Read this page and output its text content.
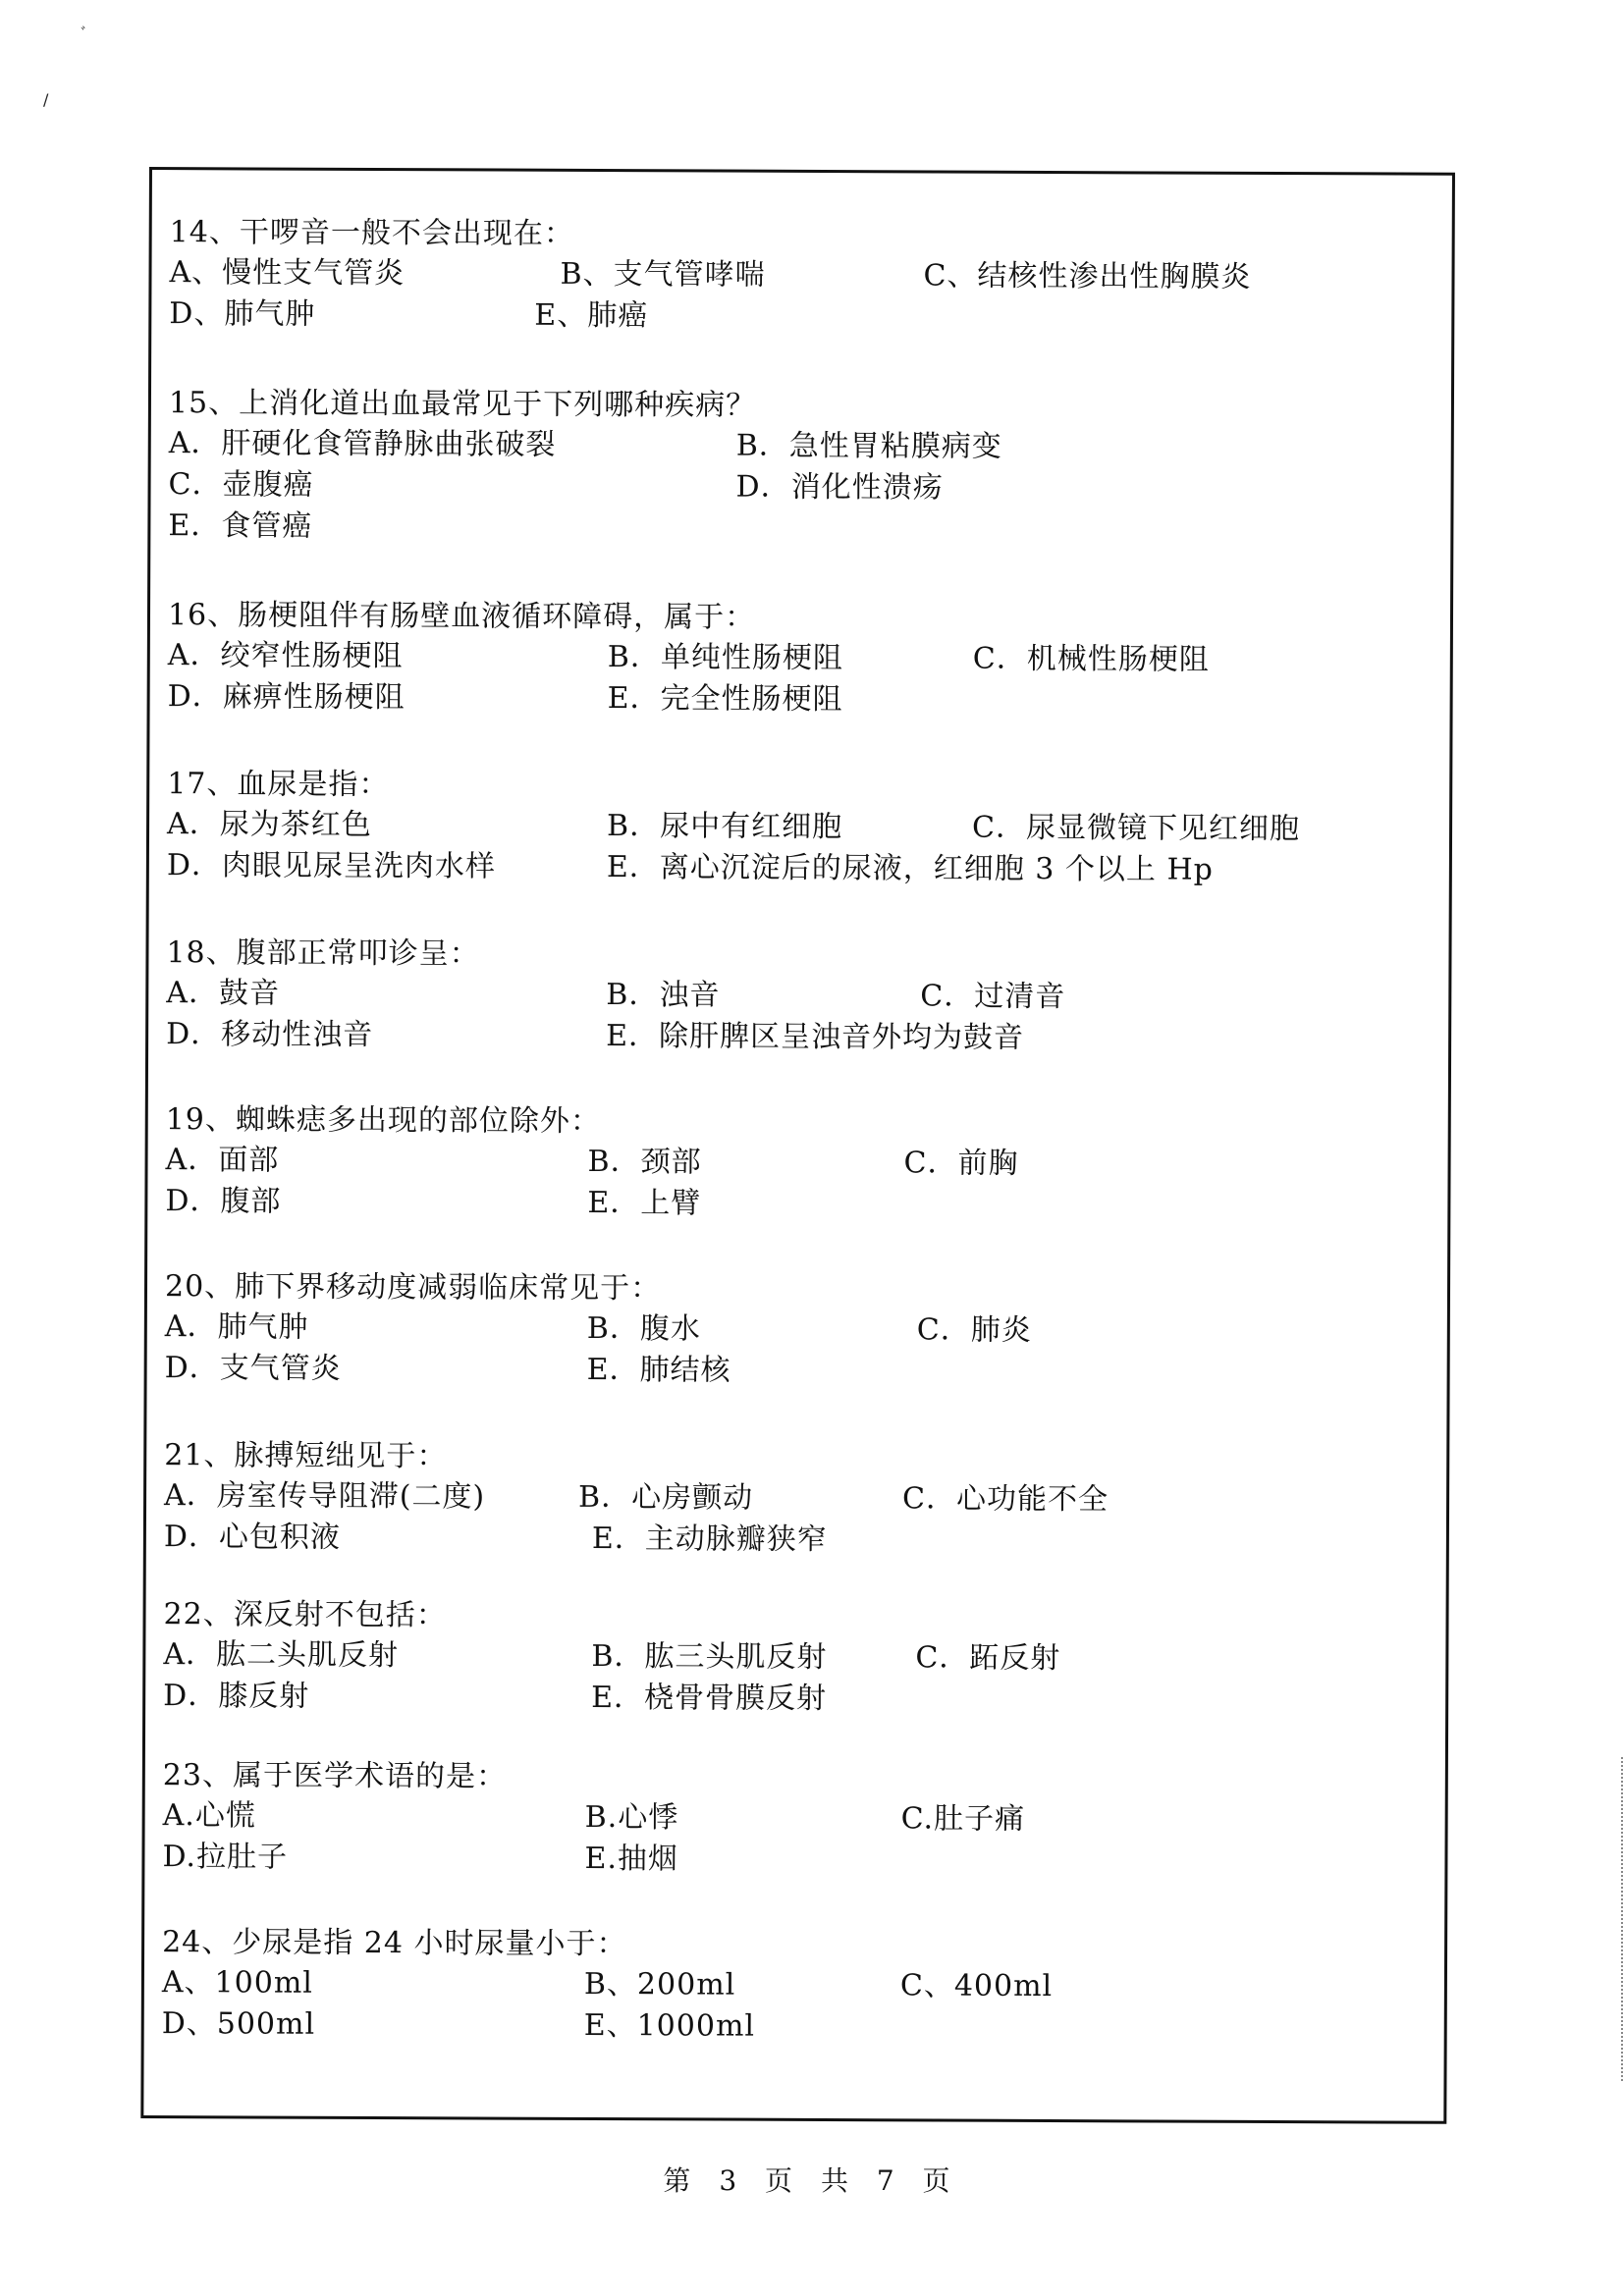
ﾞ
/
14、干啰音一般不会出现在：
A、慢性支气管炎	B、支气管哮喘	C、结核性渗出性胸膜炎
D、肺气肿	E、肺癌
15、上消化道出血最常见于下列哪种疾病？
A．肝硬化食管静脉曲张破裂	B．急性胃粘膜病变
C．壶腹癌	D．消化性溃疡
E．食管癌
16、肠梗阻伴有肠壁血液循环障碍，属于：
A．绞窄性肠梗阻	B．单纯性肠梗阻	C．机械性肠梗阻
D．麻痹性肠梗阻	E．完全性肠梗阻
17、血尿是指：
A．尿为茶红色	B．尿中有红细胞	C．尿显微镜下见红细胞
D．肉眼见尿呈洗肉水样	E．离心沉淀后的尿液，红细胞 3 个以上 Hp
18、腹部正常叩诊呈：
A．鼓音	B．浊音	C．过清音
D．移动性浊音	E．除肝脾区呈浊音外均为鼓音
19、蜘蛛痣多出现的部位除外：
A．面部	B．颈部	C．前胸
D．腹部	E．上臂
20、肺下界移动度减弱临床常见于：
A．肺气肿	B．腹水	C．肺炎
D．支气管炎	E．肺结核
21、脉搏短绌见于：
A．房室传导阻滞(二度)	B．心房颤动	C．心功能不全
D．心包积液	E．主动脉瓣狭窄
22、深反射不包括：
A．肱二头肌反射	B．肱三头肌反射	C．跖反射
D．膝反射	E．桡骨骨膜反射
23、属于医学术语的是：
A.心慌	B.心悸	C.肚子痛
D.拉肚子	E.抽烟
24、少尿是指 24 小时尿量小于：
A、100ml	B、200ml	C、400ml
D、500ml	E、1000ml
第 3 页 共 7 页
